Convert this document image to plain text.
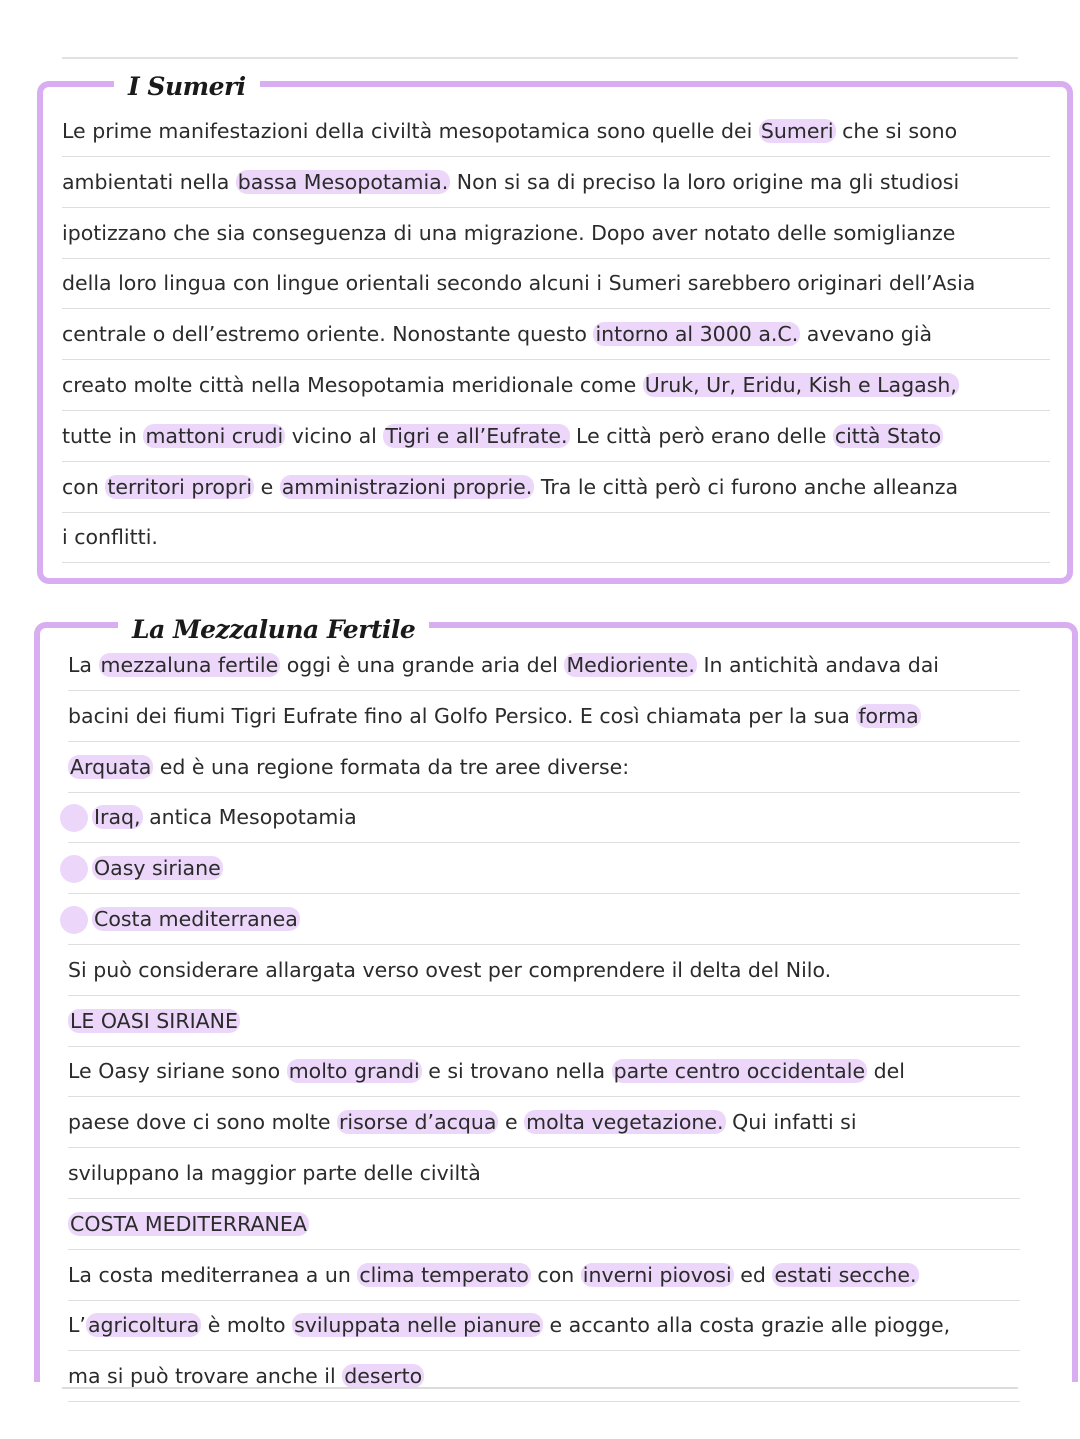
I Sumeri
Le prime manifestazioni della civiltà mesopotamica sono quelle dei Sumeri che si sono
ambientati nella bassa Mesopotamia. Non si sa di preciso la loro origine ma gli studiosi
ipotizzano che sia conseguenza di una migrazione. Dopo aver notato delle somiglianze
della loro lingua con lingue orientali secondo alcuni i Sumeri sarebbero originari dell’Asia
centrale o dell’estremo oriente. Nonostante questo intorno al 3000 a.C. avevano già
creato molte città nella Mesopotamia meridionale come Uruk, Ur, Eridu, Kish e Lagash,
tutte in mattoni crudi vicino al Tigri e all’Eufrate. Le città però erano delle città Stato
con territori propri e amministrazioni proprie. Tra le città però ci furono anche alleanza
i conflitti.
La Mezzaluna Fertile
La mezzaluna fertile oggi è una grande aria del Medioriente. In antichità andava dai
bacini dei fiumi Tigri Eufrate fino al Golfo Persico. E così chiamata per la sua forma
Arquata ed è una regione formata da tre aree diverse:
Iraq, antica Mesopotamia
Oasy siriane
Costa mediterranea
Si può considerare allargata verso ovest per comprendere il delta del Nilo.
LE OASI SIRIANE
Le Oasy siriane sono molto grandi e si trovano nella parte centro occidentale del
paese dove ci sono molte risorse d’acqua e molta vegetazione. Qui infatti si
sviluppano la maggior parte delle civiltà
COSTA MEDITERRANEA
La costa mediterranea a un clima temperato con inverni piovosi ed estati secche.
L’agricoltura è molto sviluppata nelle pianure e accanto alla costa grazie alle piogge,
ma si può trovare anche il deserto
